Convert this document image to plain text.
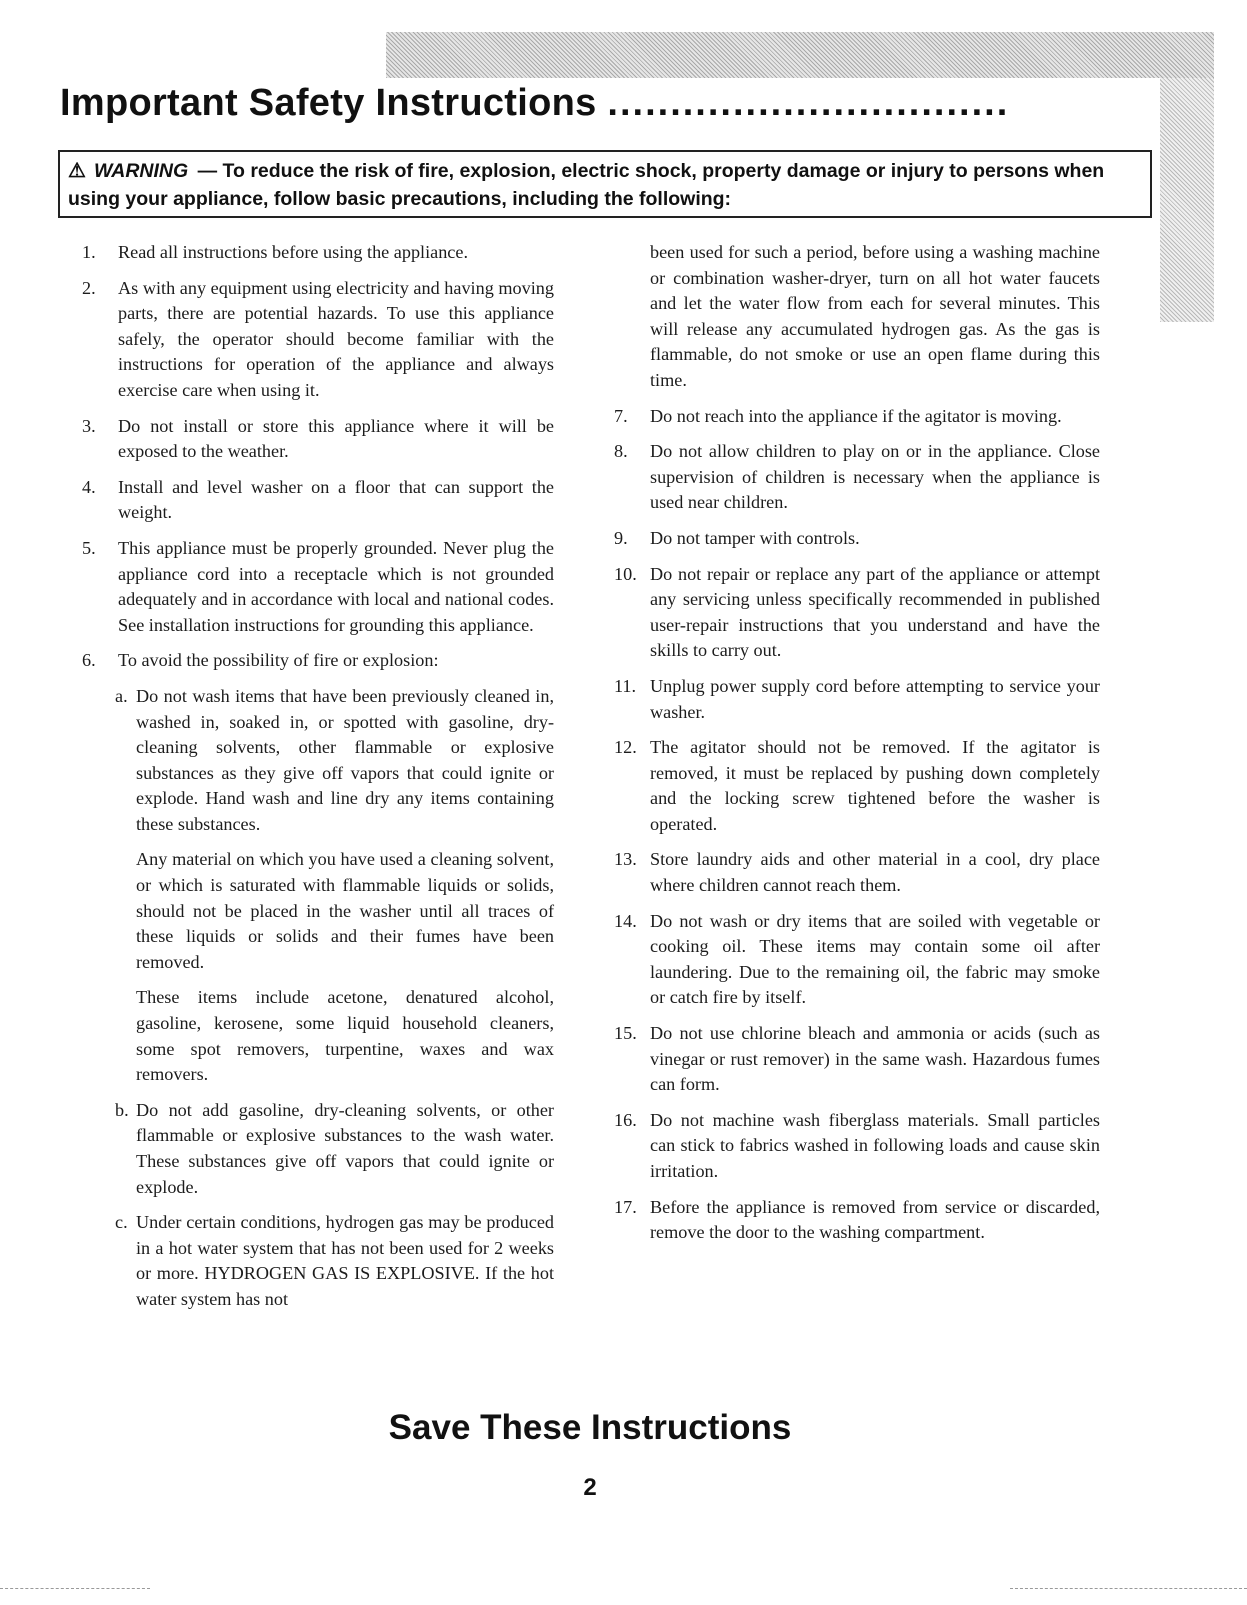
Important Safety Instructions ................................
⚠ WARNING — To reduce the risk of fire, explosion, electric shock, property damage or injury to persons when using your appliance, follow basic precautions, including the following:
1.	Read all instructions before using the appliance.
2.	As with any equipment using electricity and having moving parts, there are potential hazards. To use this appliance safely, the operator should become familiar with the instructions for operation of the appliance and always exercise care when using it.
3.	Do not install or store this appliance where it will be exposed to the weather.
4.	Install and level washer on a floor that can support the weight.
5.	This appliance must be properly grounded. Never plug the appliance cord into a receptacle which is not grounded adequately and in accordance with local and national codes. See installation instructions for grounding this appliance.
6.	To avoid the possibility of fire or explosion:
a. Do not wash items that have been previously cleaned in, washed in, soaked in, or spotted with gasoline, dry-cleaning solvents, other flammable or explosive substances as they give off vapors that could ignite or explode. Hand wash and line dry any items containing these substances.
Any material on which you have used a cleaning solvent, or which is saturated with flammable liquids or solids, should not be placed in the washer until all traces of these liquids or solids and their fumes have been removed.
These items include acetone, denatured alcohol, gasoline, kerosene, some liquid household cleaners, some spot removers, turpentine, waxes and wax removers.
b. Do not add gasoline, dry-cleaning solvents, or other flammable or explosive substances to the wash water. These substances give off vapors that could ignite or explode.
c. Under certain conditions, hydrogen gas may be produced in a hot water system that has not been used for 2 weeks or more. HYDROGEN GAS IS EXPLOSIVE. If the hot water system has not
been used for such a period, before using a washing machine or combination washer-dryer, turn on all hot water faucets and let the water flow from each for several minutes. This will release any accumulated hydrogen gas. As the gas is flammable, do not smoke or use an open flame during this time.
7.	Do not reach into the appliance if the agitator is moving.
8.	Do not allow children to play on or in the appliance. Close supervision of children is necessary when the appliance is used near children.
9.	Do not tamper with controls.
10. Do not repair or replace any part of the appliance or attempt any servicing unless specifically recommended in published user-repair instructions that you understand and have the skills to carry out.
11. Unplug power supply cord before attempting to service your washer.
12. The agitator should not be removed. If the agitator is removed, it must be replaced by pushing down completely and the locking screw tightened before the washer is operated.
13. Store laundry aids and other material in a cool, dry place where children cannot reach them.
14. Do not wash or dry items that are soiled with vegetable or cooking oil. These items may contain some oil after laundering. Due to the remaining oil, the fabric may smoke or catch fire by itself.
15. Do not use chlorine bleach and ammonia or acids (such as vinegar or rust remover) in the same wash. Hazardous fumes can form.
16. Do not machine wash fiberglass materials. Small particles can stick to fabrics washed in following loads and cause skin irritation.
17. Before the appliance is removed from service or discarded, remove the door to the washing compartment.
Save These Instructions
2
